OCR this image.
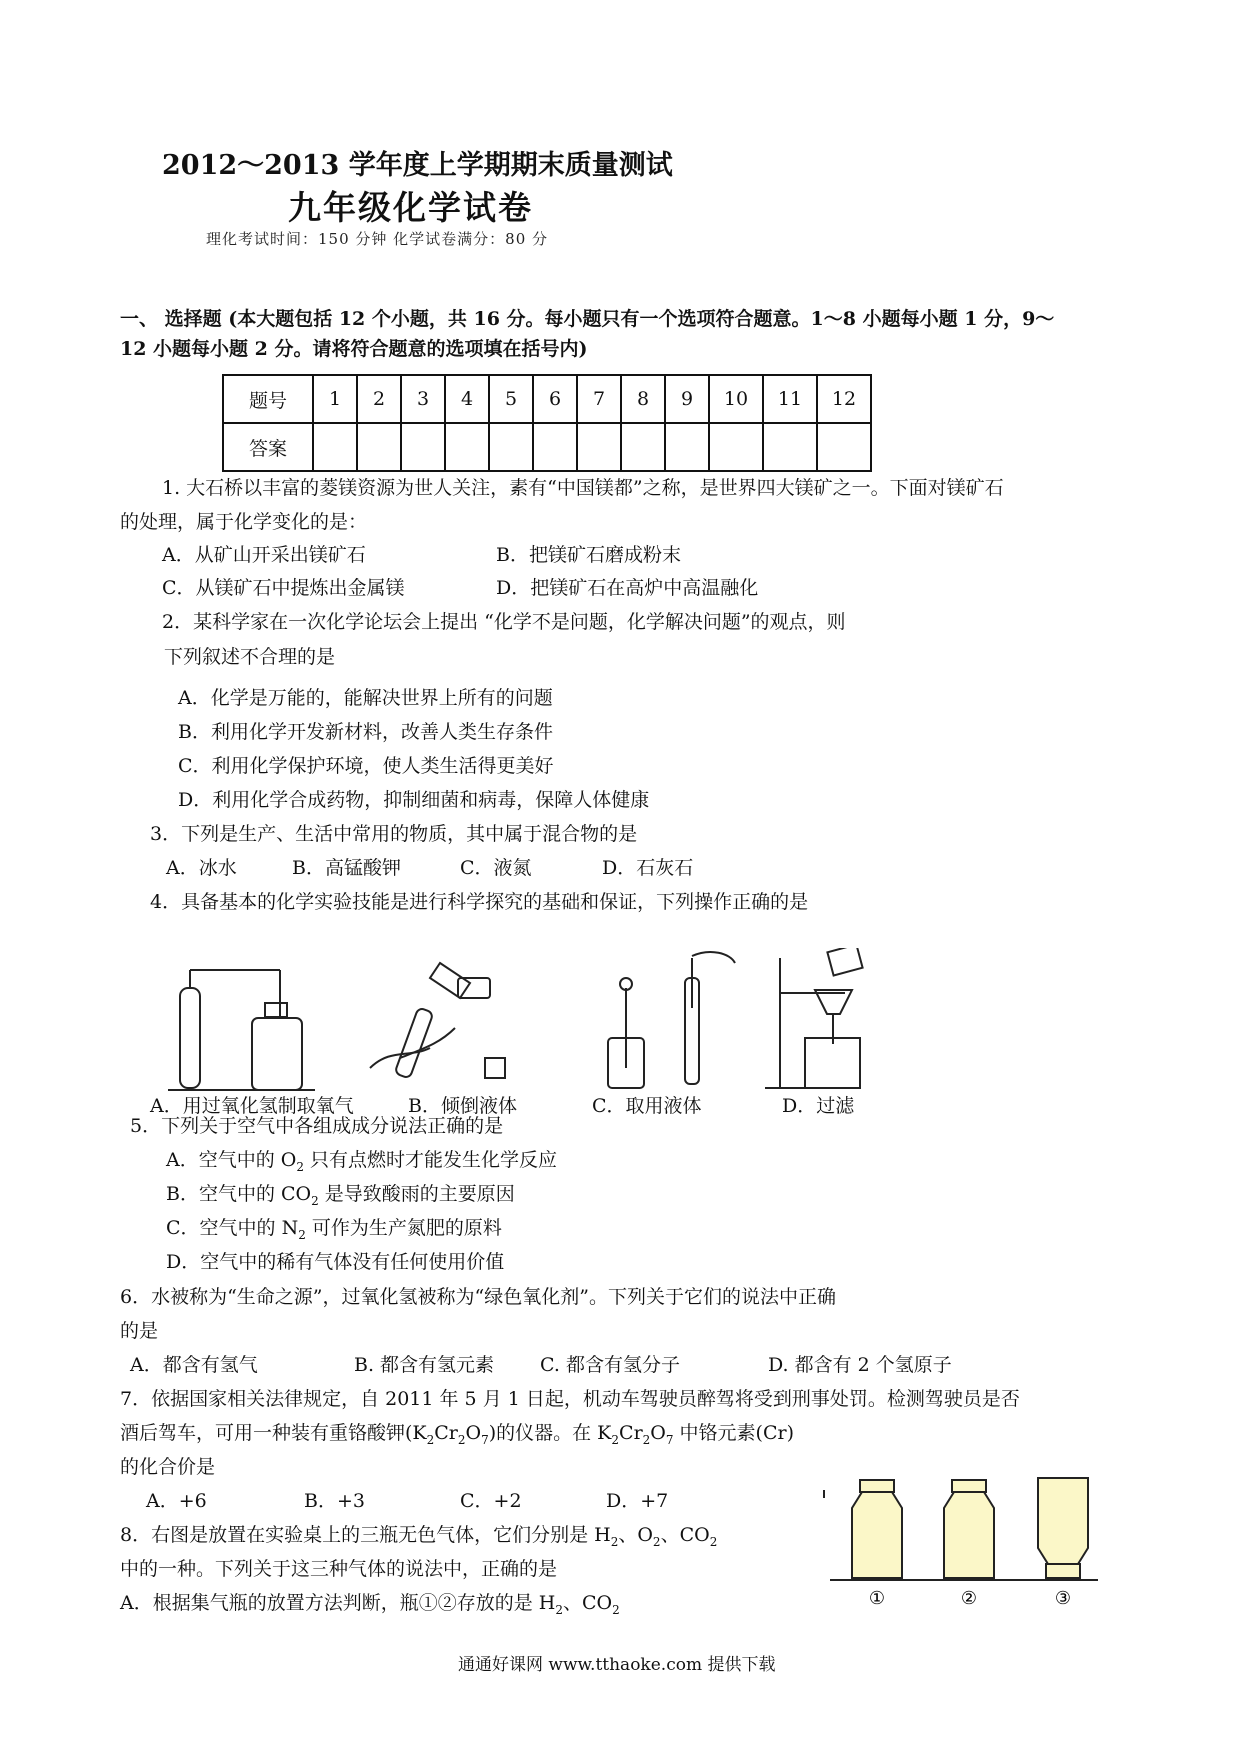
2012～2013 学年度上学期期末质量测试
九年级化学试卷
理化考试时间：150 分钟 化学试卷满分：80 分
一、 选择题 (本大题包括 12 个小题，共 16 分。每小题只有一个选项符合题意。1～8 小题每小题 1 分，9～
12 小题每小题 2 分。请将符合题意的选项填在括号内)
题号	1	2	3	4	5	6	7	8	9	10	11	12
答案												
1. 大石桥以丰富的菱镁资源为世人关注，素有“中国镁都”之称，是世界四大镁矿之一。下面对镁矿石
的处理，属于化学变化的是：
A．从矿山开采出镁矿石	B．把镁矿石磨成粉末
C．从镁矿石中提炼出金属镁	D．把镁矿石在高炉中高温融化
2．某科学家在一次化学论坛会上提出 “化学不是问题，化学解决问题”的观点，则
下列叙述不合理的是
A．化学是万能的，能解决世界上所有的问题
B．利用化学开发新材料，改善人类生存条件
C．利用化学保护环境，使人类生活得更美好
D．利用化学合成药物，抑制细菌和病毒，保障人体健康
3．下列是生产、生活中常用的物质，其中属于混合物的是
A．冰水	B．高锰酸钾	C．液氮	D．石灰石
4．具备基本的化学实验技能是进行科学探究的基础和保证，下列操作正确的是
A．用过氧化氢制取氧气	B．倾倒液体	C．取用液体	D．过滤
5．下列关于空气中各组成成分说法正确的是
A．空气中的 $O_2$ 只有点燃时才能发生化学反应
B．空气中的 $CO_2$ 是导致酸雨的主要原因
C．空气中的 $N_2$ 可作为生产氮肥的原料
D．空气中的稀有气体没有任何使用价值
6．水被称为“生命之源”，过氧化氢被称为“绿色氧化剂”。下列关于它们的说法中正确
的是
A．都含有氢气	B. 都含有氢元素 C. 都含有氢分子	D. 都含有 2 个氢原子
7．依据国家相关法律规定，自 2011 年 5 月 1 日起，机动车驾驶员醉驾将受到刑事处罚。检测驾驶员是否
酒后驾车，可用一种装有重铬酸钾$(K_2Cr_2O_7)$的仪器。在 $K_2Cr_2O_7$ 中铬元素(Cr)
的化合价是
A．+6	B．+3	C．+2	D．+7
8．右图是放置在实验桌上的三瓶无色气体，它们分别是 $H_2$、$O_2$、$CO_2$
中的一种。下列关于这三种气体的说法中，正确的是
A．根据集气瓶的放置方法判断，瓶①②存放的是 $H_2$、$CO_2$
①	②	③
通通好课网 www.tthaoke.com 提供下载
